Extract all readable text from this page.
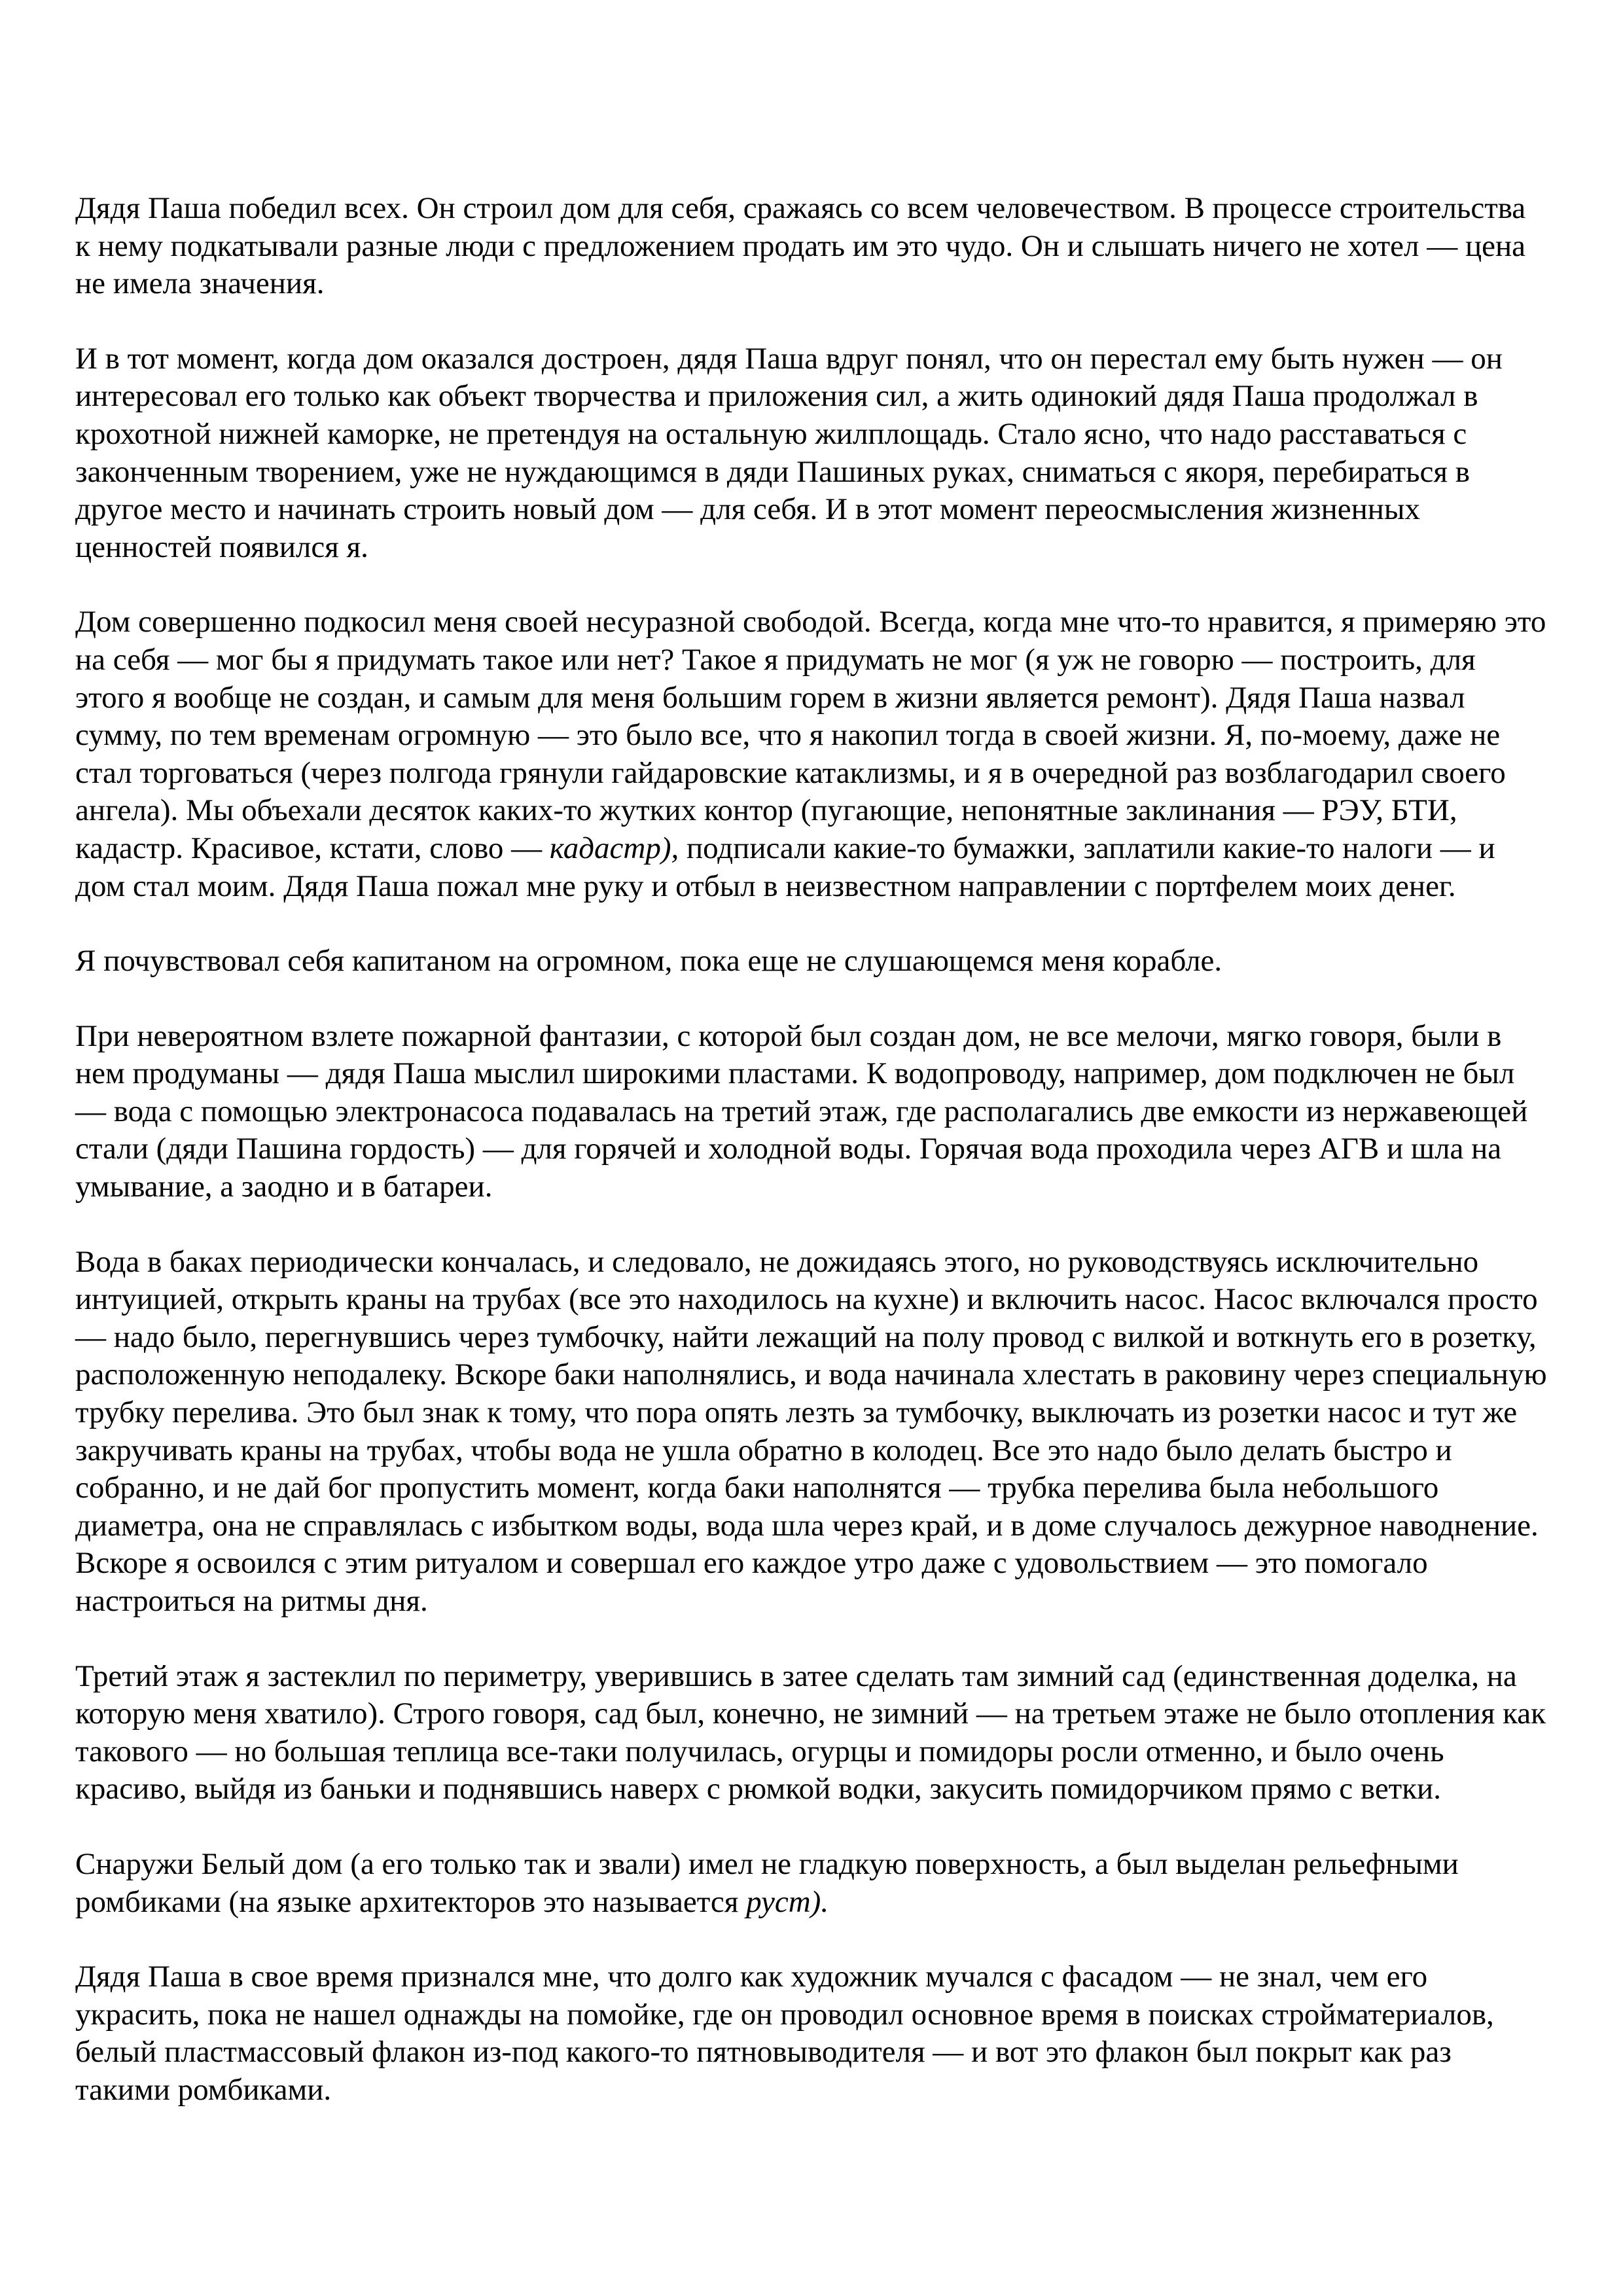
Дядя Паша победил всех. Он строил дом для себя, сражаясь со всем человечеством. В процессе строительства к нему подкатывали разные люди с предложением продать им это чудо. Он и слышать ничего не хотел — цена не имела значения.

И в тот момент, когда дом оказался достроен, дядя Паша вдруг понял, что он перестал ему быть нужен — он интересовал его только как объект творчества и приложения сил, а жить одинокий дядя Паша продолжал в крохотной нижней каморке, не претендуя на остальную жилплощадь. Стало ясно, что надо расставаться с законченным творением, уже не нуждающимся в дяди Пашиных руках, сниматься с якоря, перебираться в другое место и начинать строить новый дом — для себя. И в этот момент переосмысления жизненных ценностей появился я.

Дом совершенно подкосил меня своей несуразной свободой. Всегда, когда мне что-то нравится, я примеряю это на себя — мог бы я придумать такое или нет? Такое я придумать не мог (я уж не говорю — построить, для этого я вообще не создан, и самым для меня большим горем в жизни является ремонт). Дядя Паша назвал сумму, по тем временам огромную — это было все, что я накопил тогда в своей жизни. Я, по-моему, даже не стал торговаться (через полгода грянули гайдаровские катаклизмы, и я в очередной раз возблагодарил своего ангела). Мы объехали десяток каких-то жутких контор (пугающие, непонятные заклинания — РЭУ, БТИ, кадастр. Красивое, кстати, слово — кадастр), подписали какие-то бумажки, заплатили какие-то налоги — и дом стал моим. Дядя Паша пожал мне руку и отбыл в неизвестном направлении с портфелем моих денег.

Я почувствовал себя капитаном на огромном, пока еще не слушающемся меня корабле.

При невероятном взлете пожарной фантазии, с которой был создан дом, не все мелочи, мягко говоря, были в нем продуманы — дядя Паша мыслил широкими пластами. К водопроводу, например, дом подключен не был — вода с помощью электронасоса подавалась на третий этаж, где располагались две емкости из нержавеющей стали (дяди Пашина гордость) — для горячей и холодной воды. Горячая вода проходила через АГВ и шла на умывание, а заодно и в батареи.

Вода в баках периодически кончалась, и следовало, не дожидаясь этого, но руководствуясь исключительно интуицией, открыть краны на трубах (все это находилось на кухне) и включить насос. Насос включался просто — надо было, перегнувшись через тумбочку, найти лежащий на полу провод с вилкой и воткнуть его в розетку, расположенную неподалеку. Вскоре баки наполнялись, и вода начинала хлестать в раковину через специальную трубку перелива. Это был знак к тому, что пора опять лезть за тумбочку, выключать из розетки насос и тут же закручивать краны на трубах, чтобы вода не ушла обратно в колодец. Все это надо было делать быстро и собранно, и не дай бог пропустить момент, когда баки наполнятся — трубка перелива была небольшого диаметра, она не справлялась с избытком воды, вода шла через край, и в доме случалось дежурное наводнение. Вскоре я освоился с этим ритуалом и совершал его каждое утро даже с удовольствием — это помогало настроиться на ритмы дня.

Третий этаж я застеклил по периметру, уверившись в затее сделать там зимний сад (единственная доделка, на которую меня хватило). Строго говоря, сад был, конечно, не зимний — на третьем этаже не было отопления как такового — но большая теплица все-таки получилась, огурцы и помидоры росли отменно, и было очень красиво, выйдя из баньки и поднявшись наверх с рюмкой водки, закусить помидорчиком прямо с ветки.

Снаружи Белый дом (а его только так и звали) имел не гладкую поверхность, а был выделан рельефными ромбиками (на языке архитекторов это называется руст).

Дядя Паша в свое время признался мне, что долго как художник мучался с фасадом — не знал, чем его украсить, пока не нашел однажды на помойке, где он проводил основное время в поисках стройматериалов, белый пластмассовый флакон из-под какого-то пятновыводителя — и вот это флакон был покрыт как раз такими ромбиками.
